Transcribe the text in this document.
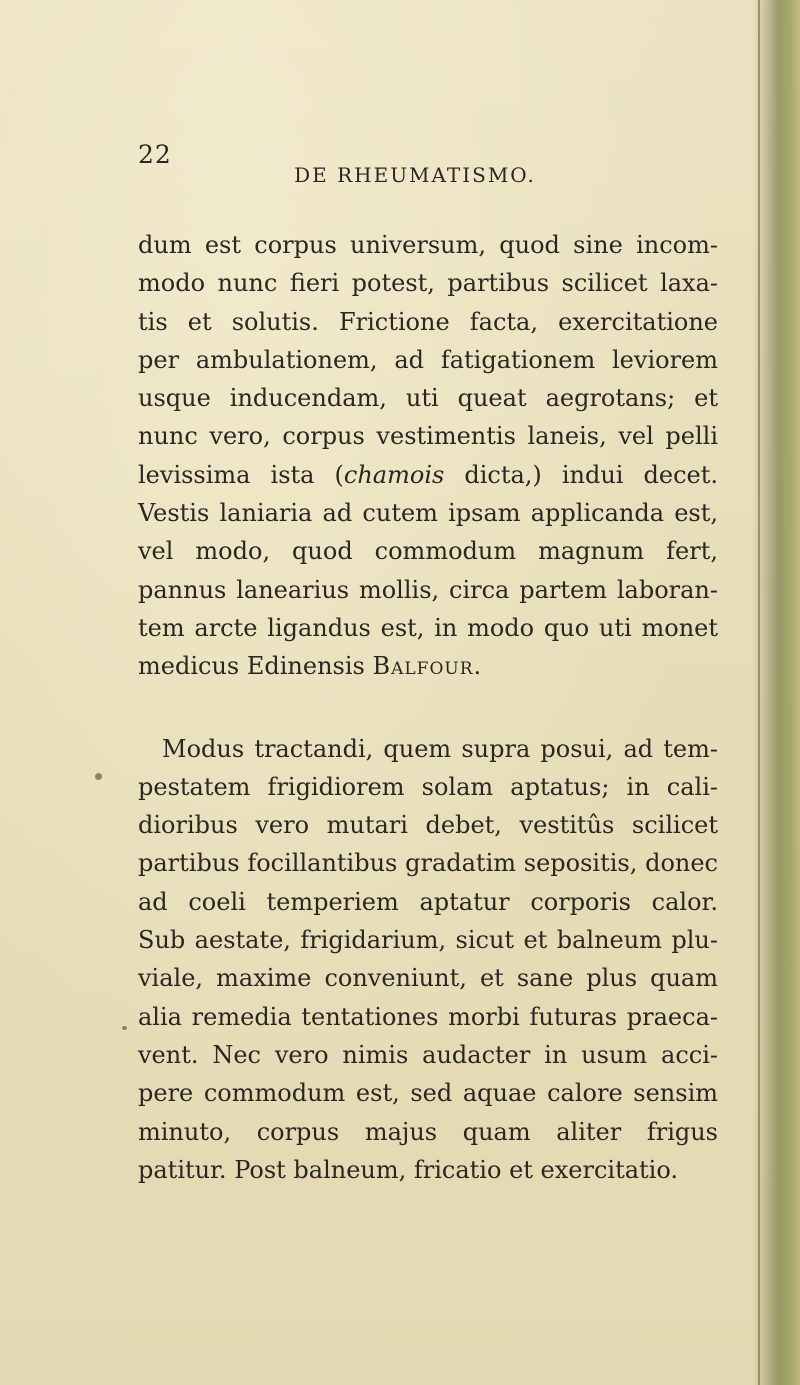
22
DE RHEUMATISMO.
dum est corpus universum, quod sine incom-
modo nunc fieri potest, partibus scilicet laxa-
tis et solutis. Frictione facta, exercitatione
per ambulationem, ad fatigationem leviorem
usque inducendam, uti queat aegrotans; et
nunc vero, corpus vestimentis laneis, vel pelli
levissima ista (chamois dicta,) indui decet.
Vestis laniaria ad cutem ipsam applicanda est,
vel modo, quod commodum magnum fert,
pannus lanearius mollis, circa partem laboran-
tem arcte ligandus est, in modo quo uti monet
medicus Edinensis Balfour.
Modus tractandi, quem supra posui, ad tem-
pestatem frigidiorem solam aptatus; in cali-
dioribus vero mutari debet, vestitûs scilicet
partibus focillantibus gradatim sepositis, donec
ad coeli temperiem aptatur corporis calor.
Sub aestate, frigidarium, sicut et balneum plu-
viale, maxime conveniunt, et sane plus quam
alia remedia tentationes morbi futuras praeca-
vent. Nec vero nimis audacter in usum acci-
pere commodum est, sed aquae calore sensim
minuto, corpus majus quam aliter frigus
patitur. Post balneum, fricatio et exercitatio.
